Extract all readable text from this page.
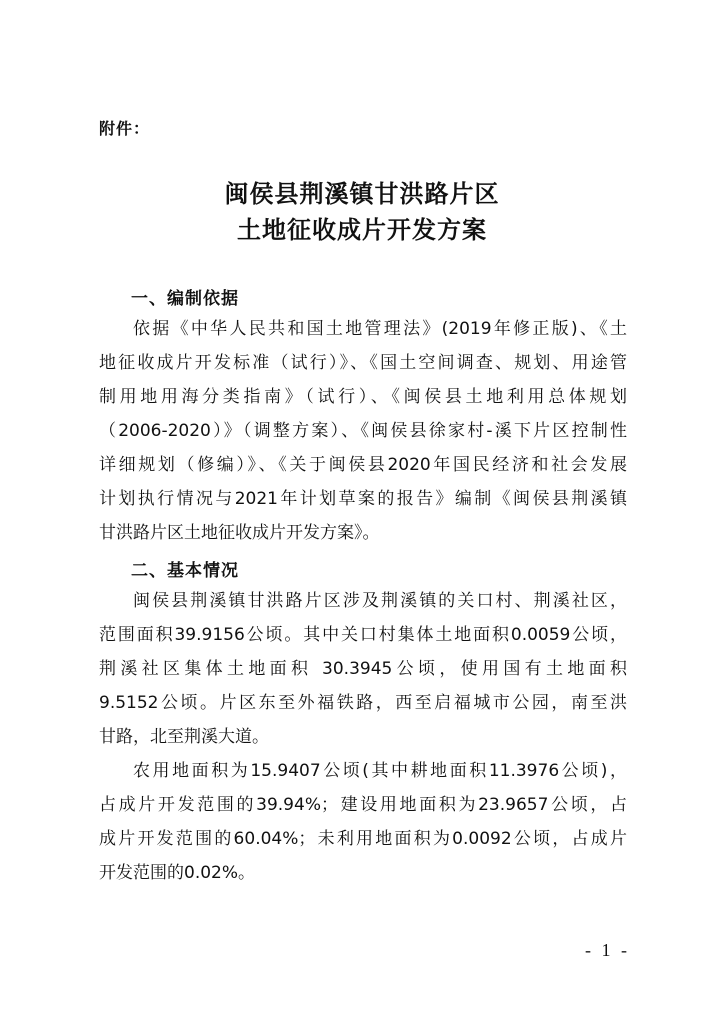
附件：
闽侯县荆溪镇甘洪路片区
土地征收成片开发方案
一、编制依据
依据《中华人民共和国土地管理法》(2019年修正版)、《土
地征收成片开发标准（试行）》、《国土空间调查、规划、用途管
制用地用海分类指南》（试行）、《闽侯县土地利用总体规划
（2006-2020）》（调整方案）、《闽侯县徐家村-溪下片区控制性
详细规划（修编）》、《关于闽侯县2020年国民经济和社会发展
计划执行情况与2021年计划草案的报告》编制《闽侯县荆溪镇
甘洪路片区土地征收成片开发方案》。
二、基本情况
闽侯县荆溪镇甘洪路片区涉及荆溪镇的关口村、荆溪社区，
范围面积39.9156公顷。其中关口村集体土地面积0.0059公顷，
荆溪社区集体土地面积 30.3945公顷，使用国有土地面积
9.5152公顷。片区东至外福铁路，西至启福城市公园，南至洪
甘路，北至荆溪大道。
农用地面积为15.9407公顷(其中耕地面积11.3976公顷)，
占成片开发范围的39.94%；建设用地面积为23.9657公顷，占
成片开发范围的60.04%；未利用地面积为0.0092公顷，占成片
开发范围的0.02%。
- 1 -
